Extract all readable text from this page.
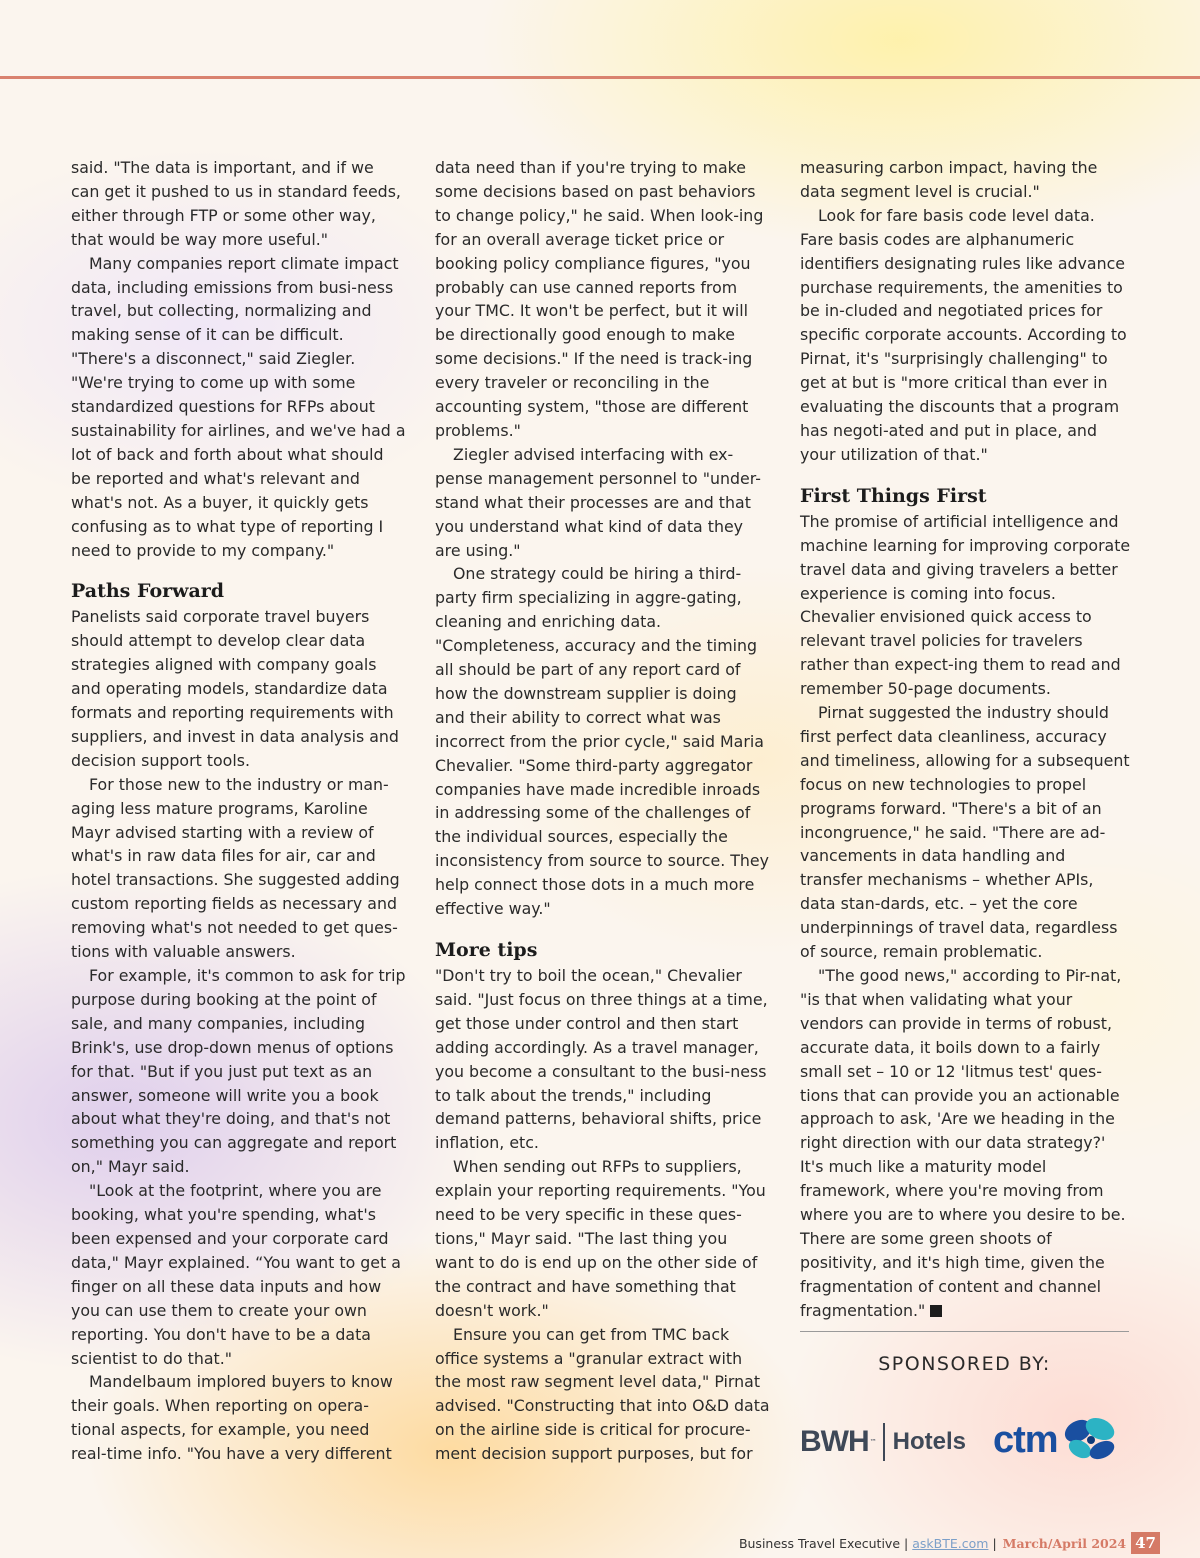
said. "The data is important, and if we can get it pushed to us in standard feeds, either through FTP or some other way, that would be way more useful."

Many companies report climate impact data, including emissions from busi-ness travel, but collecting, normalizing and making sense of it can be difficult. "There's a disconnect," said Ziegler. "We're trying to come up with some standardized questions for RFPs about sustainability for airlines, and we've had a lot of back and forth about what should be reported and what's relevant and what's not. As a buyer, it quickly gets confusing as to what type of reporting I need to provide to my company."

Paths Forward

Panelists said corporate travel buyers should attempt to develop clear data strategies aligned with company goals and operating models, standardize data formats and reporting requirements with suppliers, and invest in data analysis and decision support tools.

For those new to the industry or man-aging less mature programs, Karoline Mayr advised starting with a review of what's in raw data files for air, car and hotel transactions. She suggested adding custom reporting fields as necessary and removing what's not needed to get ques-tions with valuable answers.

For example, it's common to ask for trip purpose during booking at the point of sale, and many companies, including Brink's, use drop-down menus of options for that. "But if you just put text as an answer, someone will write you a book about what they're doing, and that's not something you can aggregate and report on," Mayr said.

"Look at the footprint, where you are booking, what you're spending, what's been expensed and your corporate card data," Mayr explained. “You want to get a finger on all these data inputs and how you can use them to create your own reporting. You don't have to be a data scientist to do that."

Mandelbaum implored buyers to know their goals. When reporting on opera-tional aspects, for example, you need real-time info. "You have a very different

data need than if you're trying to make some decisions based on past behaviors to change policy," he said. When look-ing for an overall average ticket price or booking policy compliance figures, "you probably can use canned reports from your TMC. It won't be perfect, but it will be directionally good enough to make some decisions." If the need is track-ing every traveler or reconciling in the accounting system, "those are different problems."

Ziegler advised interfacing with ex-pense management personnel to "under-stand what their processes are and that you understand what kind of data they are using."

One strategy could be hiring a third-party firm specializing in aggre-gating, cleaning and enriching data. "Completeness, accuracy and the timing all should be part of any report card of how the downstream supplier is doing and their ability to correct what was incorrect from the prior cycle," said Maria Chevalier. "Some third-party aggregator companies have made incredible inroads in addressing some of the challenges of the individual sources, especially the inconsistency from source to source. They help connect those dots in a much more effective way."

More tips

"Don't try to boil the ocean," Chevalier said. "Just focus on three things at a time, get those under control and then start adding accordingly. As a travel manager, you become a consultant to the busi-ness to talk about the trends," including demand patterns, behavioral shifts, price inflation, etc.

When sending out RFPs to suppliers, explain your reporting requirements. "You need to be very specific in these ques-tions," Mayr said. "The last thing you want to do is end up on the other side of the contract and have something that doesn't work."

Ensure you can get from TMC back office systems a "granular extract with the most raw segment level data," Pirnat advised. "Constructing that into O&D data on the airline side is critical for procure-ment decision support purposes, but for

measuring carbon impact, having the data segment level is crucial."

Look for fare basis code level data. Fare basis codes are alphanumeric identifiers designating rules like advance purchase requirements, the amenities to be in-cluded and negotiated prices for specific corporate accounts. According to Pirnat, it's "surprisingly challenging" to get at but is "more critical than ever in evaluating the discounts that a program has negoti-ated and put in place, and your utilization of that."

First Things First

The promise of artificial intelligence and machine learning for improving corporate travel data and giving travelers a better experience is coming into focus. Chevalier envisioned quick access to relevant travel policies for travelers rather than expect-ing them to read and remember 50-page documents.

Pirnat suggested the industry should first perfect data cleanliness, accuracy and timeliness, allowing for a subsequent focus on new technologies to propel programs forward. "There's a bit of an incongruence," he said. "There are ad-vancements in data handling and transfer mechanisms – whether APIs, data stan-dards, etc. – yet the core underpinnings of travel data, regardless of source, remain problematic.

"The good news," according to Pir-nat, "is that when validating what your vendors can provide in terms of robust, accurate data, it boils down to a fairly small set – 10 or 12 'litmus test' ques-tions that can provide you an actionable approach to ask, 'Are we heading in the right direction with our data strategy?' It's much like a maturity model framework, where you're moving from where you are to where you desire to be. There are some green shoots of positivity, and it's high time, given the fragmentation of content and channel fragmentation."

SPONSORED BY:
BWH ™ Hotels ctm
Business Travel Executive | askBTE.com | March/April 2024 47
